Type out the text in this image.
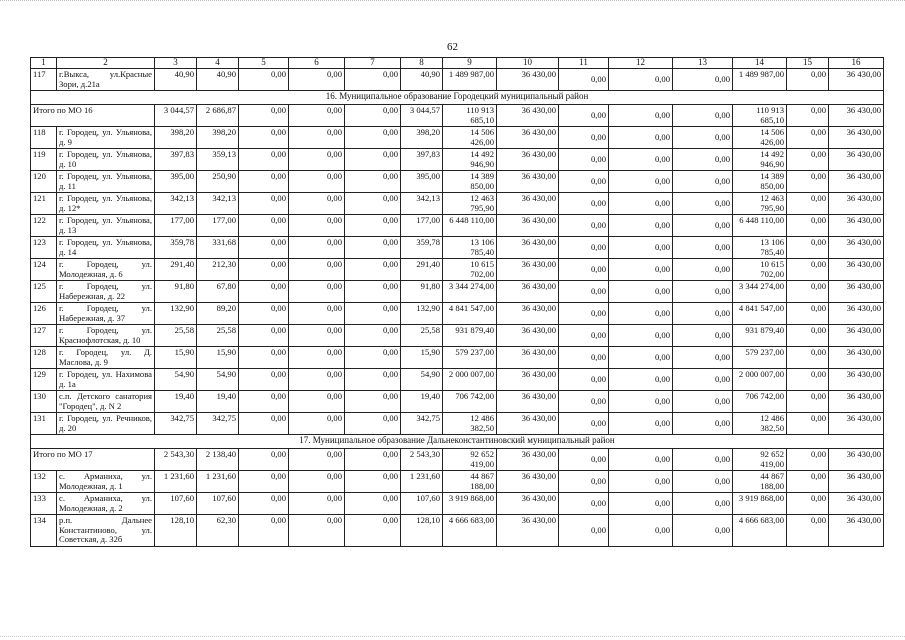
62
1	2	3	4	5	6	7	8	9	10	11	12	13	14	15	16
117	г.Выкса, ул.Красные Зори, д.21а	40,90	40,90	0,00	0,00	0,00	40,90	1 489 987,00	36 430,00	0,00	0,00	0,00	1 489 987,00	0,00	36 430,00
16. Муниципальное образование Городецкий муниципальный район															
Итого по МО 16		3 044,57	2 686,87	0,00	0,00	0,00	3 044,57	110 913 685,10	36 430,00	0,00	0,00	0,00	110 913 685,10	0,00	36 430,00
118	г. Городец, ул. Ульянова, д. 9	398,20	398,20	0,00	0,00	0,00	398,20	14 506 426,00	36 430,00	0,00	0,00	0,00	14 506 426,00	0,00	36 430,00
119	г. Городец, ул. Ульянова, д. 10	397,83	359,13	0,00	0,00	0,00	397,83	14 492 946,90	36 430,00	0,00	0,00	0,00	14 492 946,90	0,00	36 430,00
120	г. Городец, ул. Ульянова, д. 11	395,00	250,90	0,00	0,00	0,00	395,00	14 389 850,00	36 430,00	0,00	0,00	0,00	14 389 850,00	0,00	36 430,00
121	г. Городец, ул. Ульянова, д. 12*	342,13	342,13	0,00	0,00	0,00	342,13	12 463 795,90	36 430,00	0,00	0,00	0,00	12 463 795,90	0,00	36 430,00
122	г. Городец, ул. Ульянова, д. 13	177,00	177,00	0,00	0,00	0,00	177,00	6 448 110,00	36 430,00	0,00	0,00	0,00	6 448 110,00	0,00	36 430,00
123	г. Городец, ул. Ульянова, д. 14	359,78	331,68	0,00	0,00	0,00	359,78	13 106 785,40	36 430,00	0,00	0,00	0,00	13 106 785,40	0,00	36 430,00
124	г. Городец, ул. Молодежная, д. 6	291,40	212,30	0,00	0,00	0,00	291,40	10 615 702,00	36 430,00	0,00	0,00	0,00	10 615 702,00	0,00	36 430,00
125	г. Городец, ул. Набережная, д. 22	91,80	67,80	0,00	0,00	0,00	91,80	3 344 274,00	36 430,00	0,00	0,00	0,00	3 344 274,00	0,00	36 430,00
126	г. Городец, ул. Набережная, д. 37	132,90	89,20	0,00	0,00	0,00	132,90	4 841 547,00	36 430,00	0,00	0,00	0,00	4 841 547,00	0,00	36 430,00
127	г. Городец, ул. Краснофлотская, д. 10	25,58	25,58	0,00	0,00	0,00	25,58	931 879,40	36 430,00	0,00	0,00	0,00	931 879,40	0,00	36 430,00
128	г. Городец, ул. Д. Маслова, д. 9	15,90	15,90	0,00	0,00	0,00	15,90	579 237,00	36 430,00	0,00	0,00	0,00	579 237,00	0,00	36 430,00
129	г. Городец, ул. Нахимова д. 1а	54,90	54,90	0,00	0,00	0,00	54,90	2 000 007,00	36 430,00	0,00	0,00	0,00	2 000 007,00	0,00	36 430,00
130	с.п. Детского санатория "Городец", д. N 2	19,40	19,40	0,00	0,00	0,00	19,40	706 742,00	36 430,00	0,00	0,00	0,00	706 742,00	0,00	36 430,00
131	г. Городец, ул. Речников, д. 20	342,75	342,75	0,00	0,00	0,00	342,75	12 486 382,50	36 430,00	0,00	0,00	0,00	12 486 382,50	0,00	36 430,00
17. Муниципальное образование Дальнеконстантиновский муниципальный район															
Итого по МО 17		2 543,30	2 138,40	0,00	0,00	0,00	2 543,30	92 652 419,00	36 430,00	0,00	0,00	0,00	92 652 419,00	0,00	36 430,00
132	с. Арманиха, ул. Молодежная, д. 1	1 231,60	1 231,60	0,00	0,00	0,00	1 231,60	44 867 188,00	36 430,00	0,00	0,00	0,00	44 867 188,00	0,00	36 430,00
133	с. Арманиха, ул. Молодежная, д. 2	107,60	107,60	0,00	0,00	0,00	107,60	3 919 868,00	36 430,00	0,00	0,00	0,00	3 919 868,00	0,00	36 430,00
134	р.п. Дальнее Константиново, ул. Советская, д. 32б	128,10	62,30	0,00	0,00	0,00	128,10	4 666 683,00	36 430,00	0,00	0,00	0,00	4 666 683,00	0,00	36 430,00
